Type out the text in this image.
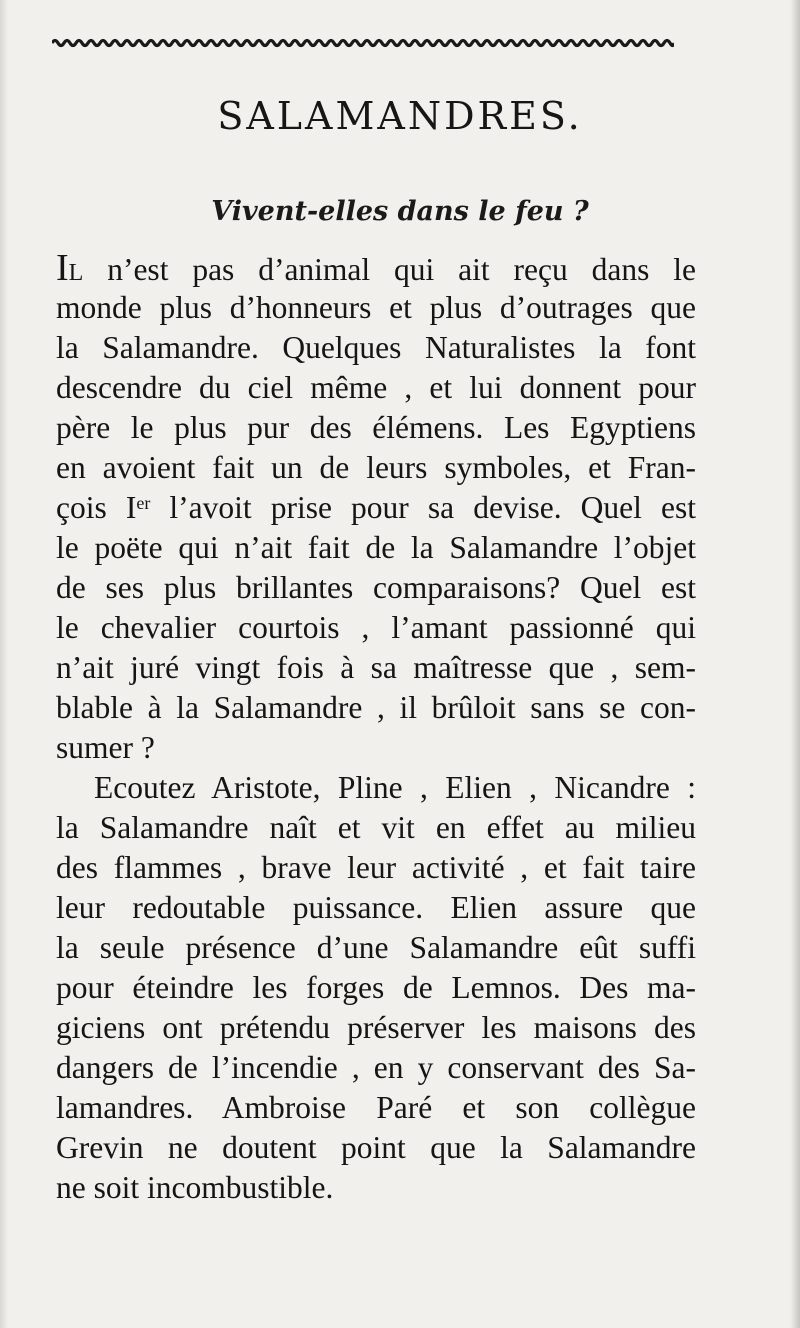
SALAMANDRES.
Vivent-elles dans le feu ?
IL n’est pas d’animal qui ait reçu dans le
monde plus d’honneurs et plus d’outrages que
la Salamandre. Quelques Naturalistes la font
descendre du ciel même , et lui donnent pour
père le plus pur des élémens. Les Egyptiens
en avoient fait un de leurs symboles, et Fran-
çois Ier l’avoit prise pour sa devise. Quel est
le poëte qui n’ait fait de la Salamandre l’objet
de ses plus brillantes comparaisons? Quel est
le chevalier courtois , l’amant passionné qui
n’ait juré vingt fois à sa maîtresse que , sem-
blable à la Salamandre , il brûloit sans se con-
sumer ?
Ecoutez Aristote, Pline , Elien , Nicandre :
la Salamandre naît et vit en effet au milieu
des flammes , brave leur activité , et fait taire
leur redoutable puissance. Elien assure que
la seule présence d’une Salamandre eût suffi
pour éteindre les forges de Lemnos. Des ma-
giciens ont prétendu préserver les maisons des
dangers de l’incendie , en y conservant des Sa-
lamandres. Ambroise Paré et son collègue
Grevin ne doutent point que la Salamandre
ne soit incombustible.
